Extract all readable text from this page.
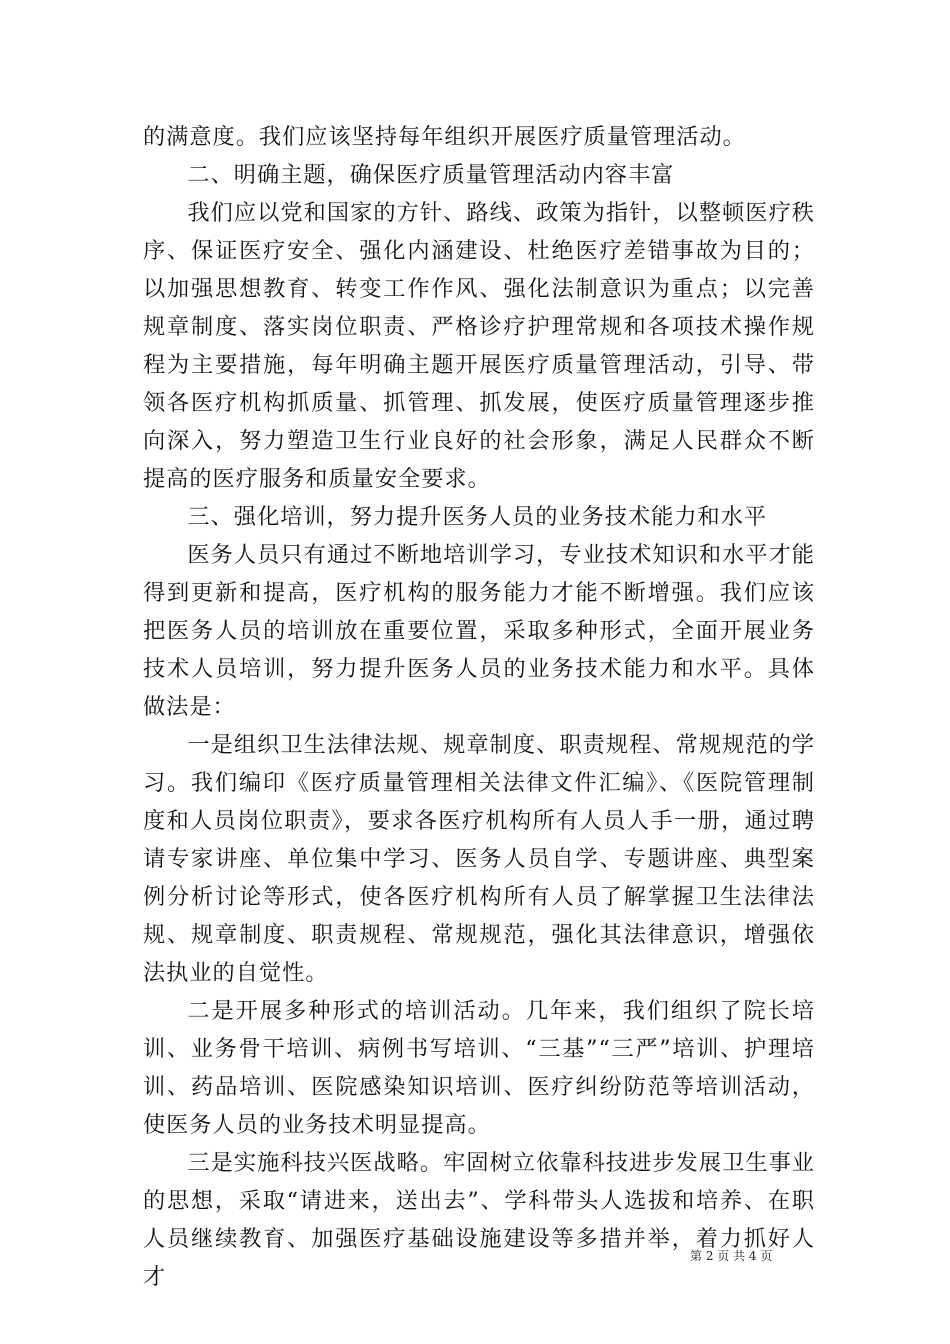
的满意度。我们应该坚持每年组织开展医疗质量管理活动。

二、明确主题，确保医疗质量管理活动内容丰富

我们应以党和国家的方针、路线、政策为指针，以整顿医疗秩序、保证医疗安全、强化内涵建设、杜绝医疗差错事故为目的；以加强思想教育、转变工作作风、强化法制意识为重点；以完善规章制度、落实岗位职责、严格诊疗护理常规和各项技术操作规程为主要措施，每年明确主题开展医疗质量管理活动，引导、带领各医疗机构抓质量、抓管理、抓发展，使医疗质量管理逐步推向深入，努力塑造卫生行业良好的社会形象，满足人民群众不断提高的医疗服务和质量安全要求。

三、强化培训，努力提升医务人员的业务技术能力和水平

医务人员只有通过不断地培训学习，专业技术知识和水平才能得到更新和提高，医疗机构的服务能力才能不断增强。我们应该把医务人员的培训放在重要位置，采取多种形式，全面开展业务技术人员培训，努力提升医务人员的业务技术能力和水平。具体做法是：

一是组织卫生法律法规、规章制度、职责规程、常规规范的学习。我们编印《医疗质量管理相关法律文件汇编》、《医院管理制度和人员岗位职责》，要求各医疗机构所有人员人手一册，通过聘请专家讲座、单位集中学习、医务人员自学、专题讲座、典型案例分析讨论等形式，使各医疗机构所有人员了解掌握卫生法律法规、规章制度、职责规程、常规规范，强化其法律意识，增强依法执业的自觉性。

二是开展多种形式的培训活动。几年来，我们组织了院长培训、业务骨干培训、病例书写培训、“三基”“三严”培训、护理培训、药品培训、医院感染知识培训、医疗纠纷防范等培训活动，使医务人员的业务技术明显提高。

三是实施科技兴医战略。牢固树立依靠科技进步发展卫生事业的思想，采取“请进来，送出去”、学科带头人选拔和培养、在职人员继续教育、加强医疗基础设施建设等多措并举，着力抓好人才

第 2 页 共 4 页
